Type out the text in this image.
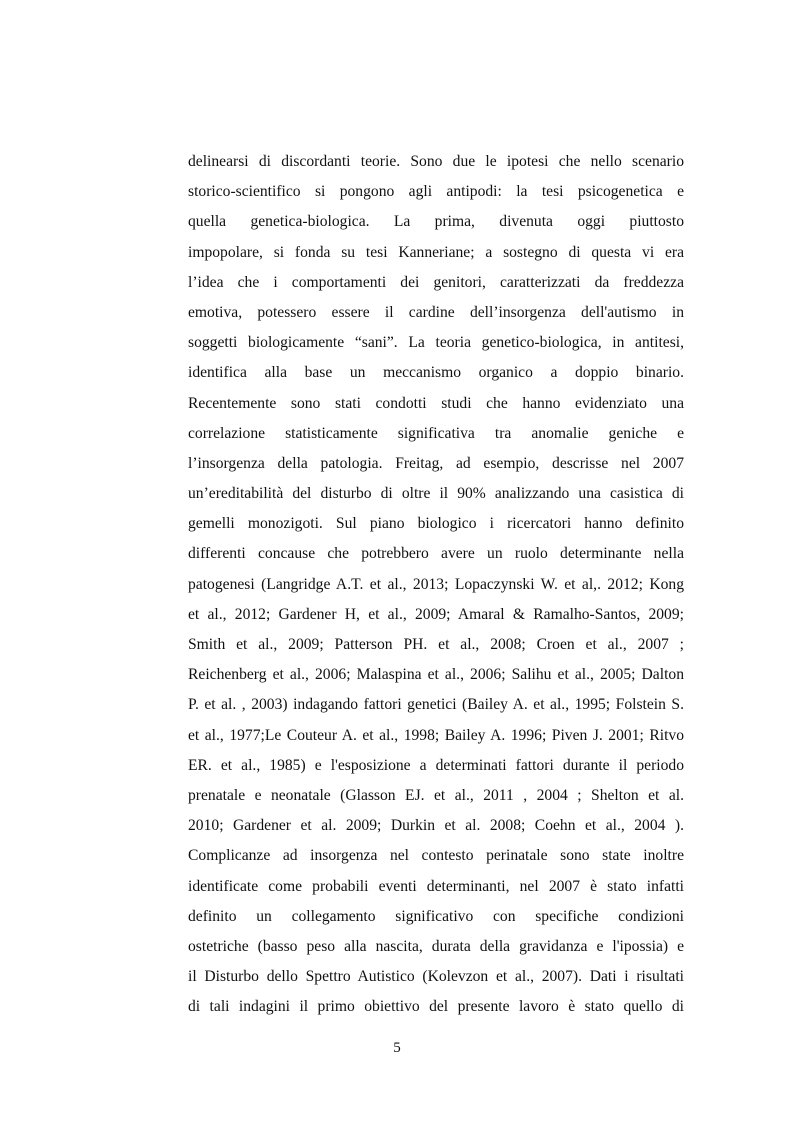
delinearsi di discordanti teorie. Sono due le ipotesi che nello scenario
storico-scientifico si pongono agli antipodi: la tesi psicogenetica e
quella genetica-biologica. La prima, divenuta oggi piuttosto
impopolare, si fonda su tesi Kanneriane; a sostegno di questa vi era
l’idea che i comportamenti dei genitori, caratterizzati da freddezza
emotiva, potessero essere il cardine dell’insorgenza dell'autismo in
soggetti biologicamente “sani”. La teoria genetico-biologica, in antitesi,
identifica alla base un meccanismo organico a doppio binario.
Recentemente sono stati condotti studi che hanno evidenziato una
correlazione statisticamente significativa tra anomalie geniche e
l’insorgenza della patologia. Freitag, ad esempio, descrisse nel 2007
un’ereditabilità del disturbo di oltre il 90% analizzando una casistica di
gemelli monozigoti. Sul piano biologico i ricercatori hanno definito
differenti concause che potrebbero avere un ruolo determinante nella
patogenesi (Langridge A.T. et al., 2013; Lopaczynski W. et al,. 2012; Kong
et al., 2012; Gardener H, et al., 2009; Amaral & Ramalho-Santos, 2009;
Smith et al., 2009; Patterson PH. et al., 2008; Croen et al., 2007 ;
Reichenberg et al., 2006; Malaspina et al., 2006; Salihu et al., 2005; Dalton
P. et al. , 2003) indagando fattori genetici (Bailey A. et al., 1995; Folstein S.
et al., 1977;Le Couteur A. et al., 1998; Bailey A. 1996; Piven J. 2001; Ritvo
ER. et al., 1985) e l'esposizione a determinati fattori durante il periodo
prenatale e neonatale (Glasson EJ. et al., 2011 , 2004 ; Shelton et al.
2010; Gardener et al. 2009; Durkin et al. 2008; Coehn et al., 2004 ).
Complicanze ad insorgenza nel contesto perinatale sono state inoltre
identificate come probabili eventi determinanti, nel 2007 è stato infatti
definito un collegamento significativo con specifiche condizioni
ostetriche (basso peso alla nascita, durata della gravidanza e l'ipossia) e
il Disturbo dello Spettro Autistico (Kolevzon et al., 2007). Dati i risultati
di tali indagini il primo obiettivo del presente lavoro è stato quello di
5
